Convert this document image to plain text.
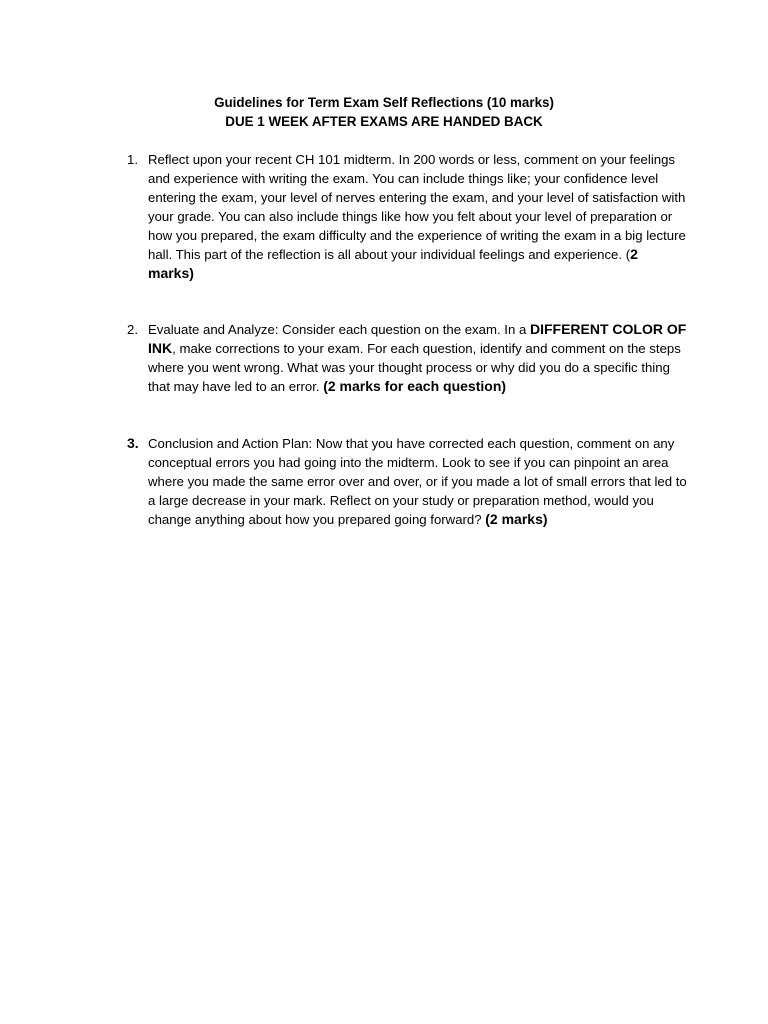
Guidelines for Term Exam Self Reflections (10 marks)
DUE 1 WEEK AFTER EXAMS ARE HANDED BACK
1. Reflect upon your recent CH 101 midterm. In 200 words or less, comment on your feelings and experience with writing the exam. You can include things like; your confidence level entering the exam, your level of nerves entering the exam, and your level of satisfaction with your grade. You can also include things like how you felt about your level of preparation or how you prepared, the exam difficulty and the experience of writing the exam in a big lecture hall. This part of the reflection is all about your individual feelings and experience. (2 marks)
2. Evaluate and Analyze: Consider each question on the exam. In a DIFFERENT COLOR OF INK, make corrections to your exam. For each question, identify and comment on the steps where you went wrong. What was your thought process or why did you do a specific thing that may have led to an error. (2 marks for each question)
3. Conclusion and Action Plan: Now that you have corrected each question, comment on any conceptual errors you had going into the midterm. Look to see if you can pinpoint an area where you made the same error over and over, or if you made a lot of small errors that led to a large decrease in your mark. Reflect on your study or preparation method, would you change anything about how you prepared going forward? (2 marks)
